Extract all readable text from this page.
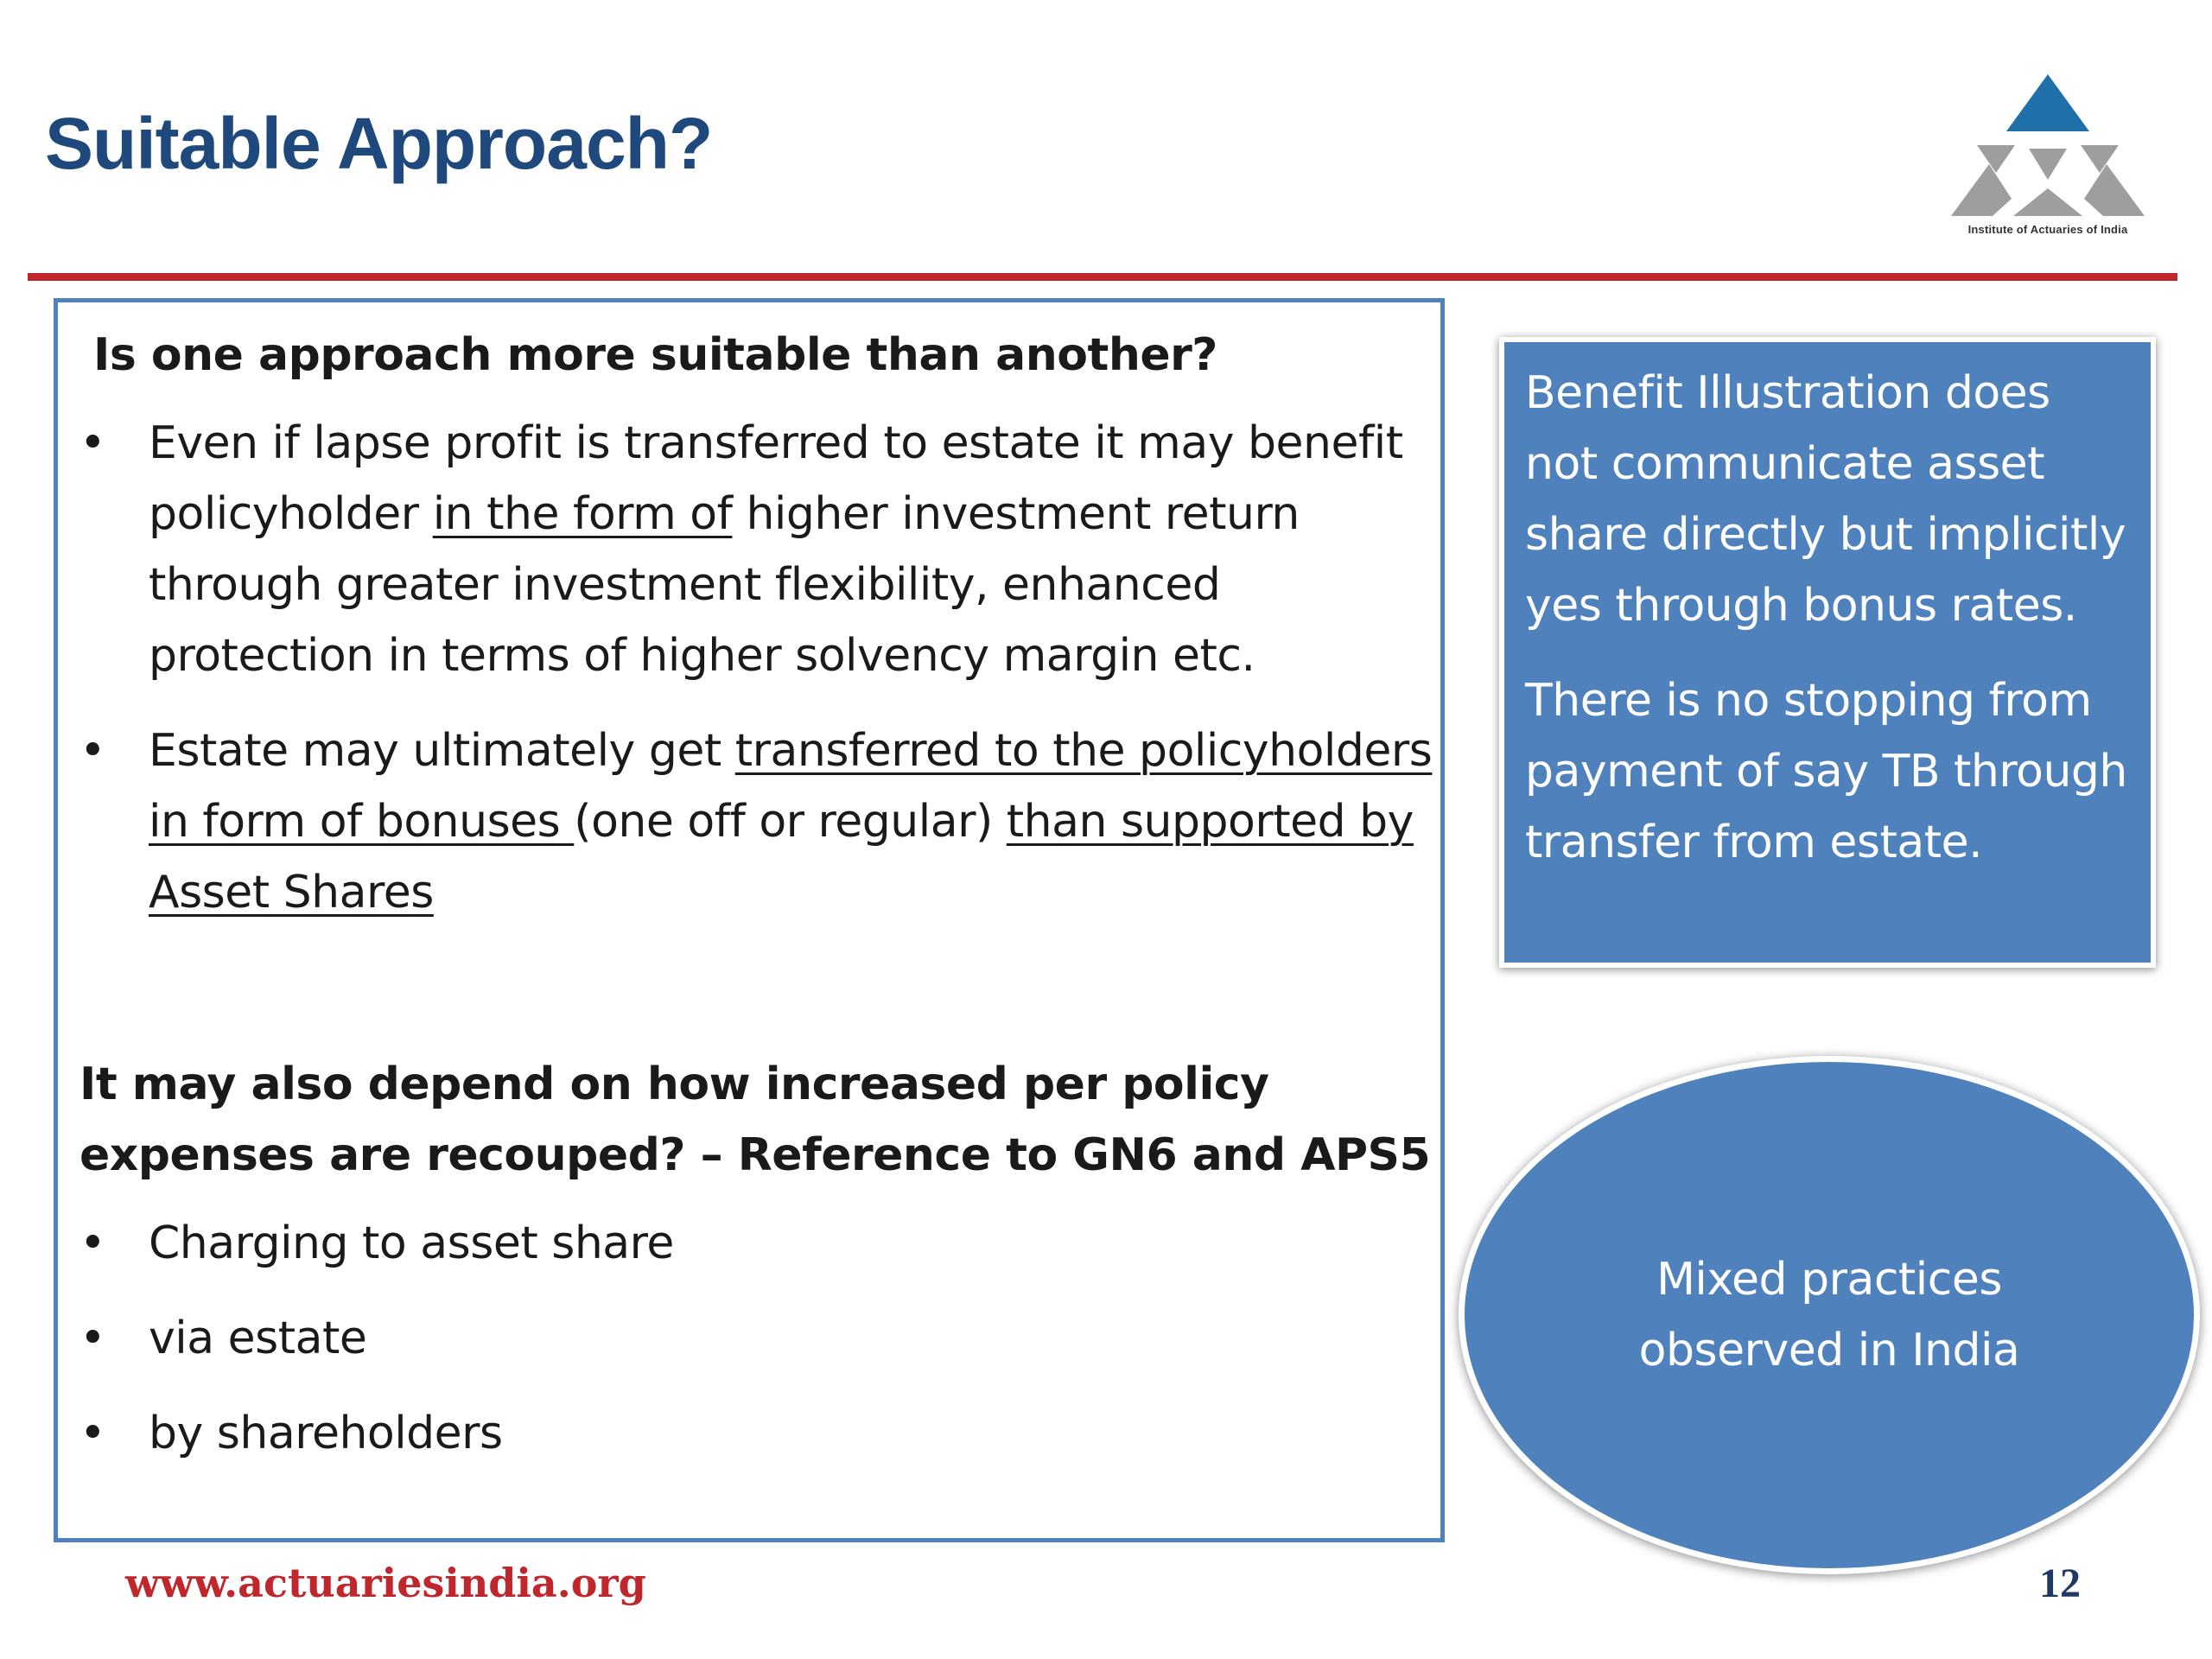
Suitable Approach?
Institute of Actuaries of India
Is one approach more suitable than another?
• Even if lapse profit is transferred to estate it may benefit policyholder in the form of higher investment return through greater investment flexibility, enhanced protection in terms of higher solvency margin etc.
• Estate may ultimately get transferred to the policyholders in form of bonuses (one off or regular) than supported by Asset Shares
It may also depend on how increased per policy expenses are recouped? – Reference to GN6 and APS5
• Charging to asset share
• via estate
• by shareholders

Benefit Illustration does not communicate asset share directly but implicitly yes through bonus rates.

There is no stopping from payment of say TB through transfer from estate.

Mixed practices
observed in India
www.actuariesindia.org	12
